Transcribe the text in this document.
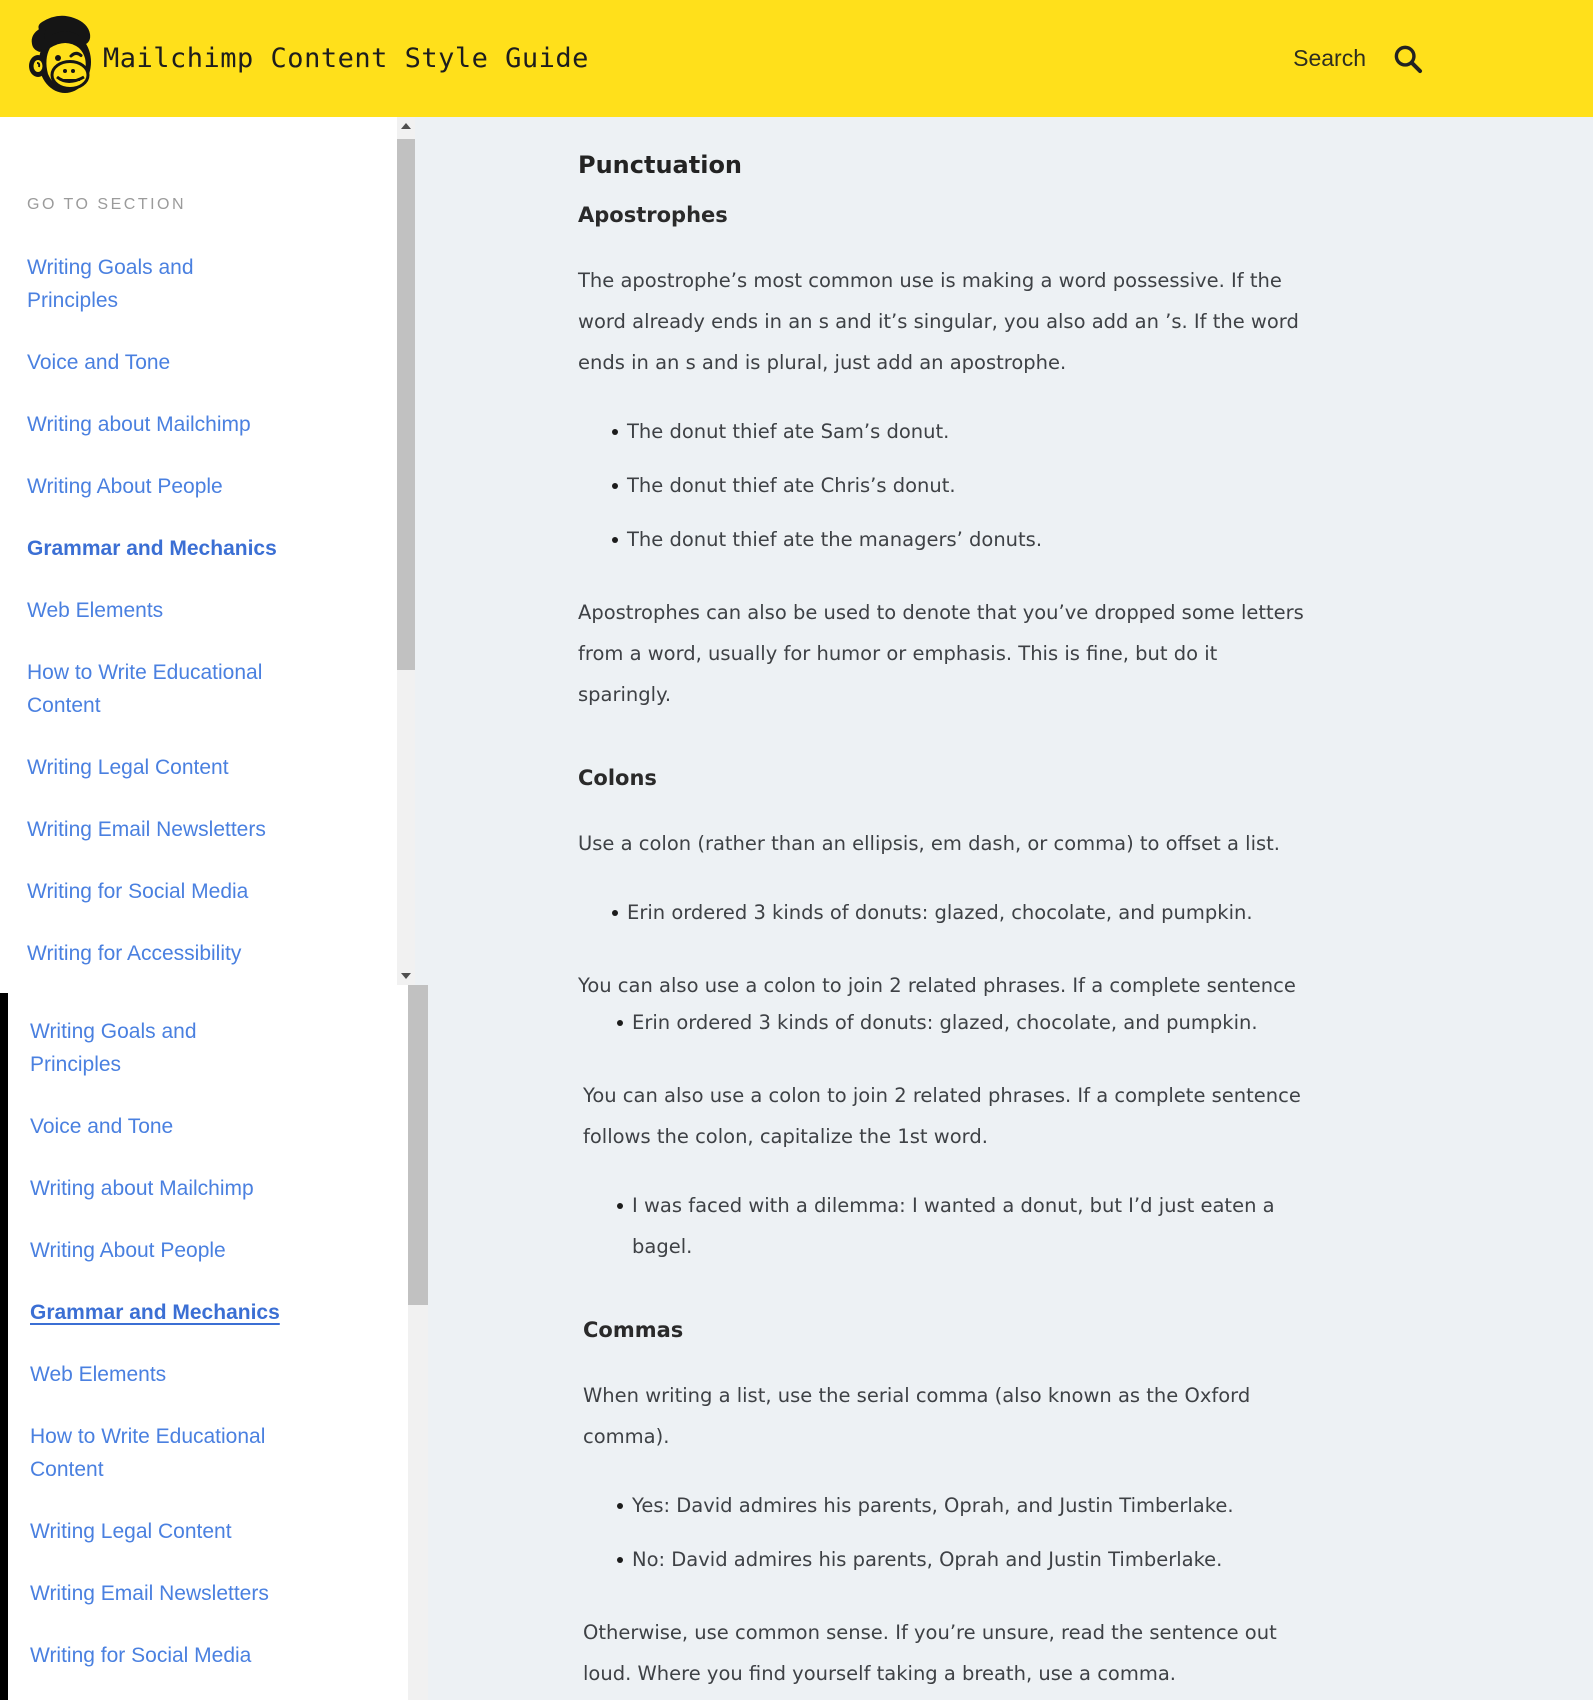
Mailchimp Content Style Guide	Search
GO TO SECTION
Writing Goals and
Principles
Voice and Tone
Writing about Mailchimp
Writing About People
Grammar and Mechanics
Web Elements
How to Write Educational
Content
Writing Legal Content
Writing Email Newsletters
Writing for Social Media
Writing for Accessibility
Writing Goals and
Principles
Voice and Tone
Writing about Mailchimp
Writing About People
Grammar and Mechanics
Web Elements
How to Write Educational
Content
Writing Legal Content
Writing Email Newsletters
Writing for Social Media
Punctuation
Apostrophes
The apostrophe’s most common use is making a word possessive. If the
word already ends in an s and it’s singular, you also add an ’s. If the word
ends in an s and is plural, just add an apostrophe.
The donut thief ate Sam’s donut.
The donut thief ate Chris’s donut.
The donut thief ate the managers’ donuts.
Apostrophes can also be used to denote that you’ve dropped some letters
from a word, usually for humor or emphasis. This is fine, but do it
sparingly.
Colons
Use a colon (rather than an ellipsis, em dash, or comma) to offset a list.
Erin ordered 3 kinds of donuts: glazed, chocolate, and pumpkin.
You can also use a colon to join 2 related phrases. If a complete sentence
Erin ordered 3 kinds of donuts: glazed, chocolate, and pumpkin.
You can also use a colon to join 2 related phrases. If a complete sentence
follows the colon, capitalize the 1st word.
I was faced with a dilemma: I wanted a donut, but I’d just eaten a
bagel.
Commas
When writing a list, use the serial comma (also known as the Oxford
comma).
Yes: David admires his parents, Oprah, and Justin Timberlake.
No: David admires his parents, Oprah and Justin Timberlake.
Otherwise, use common sense. If you’re unsure, read the sentence out
loud. Where you find yourself taking a breath, use a comma.
